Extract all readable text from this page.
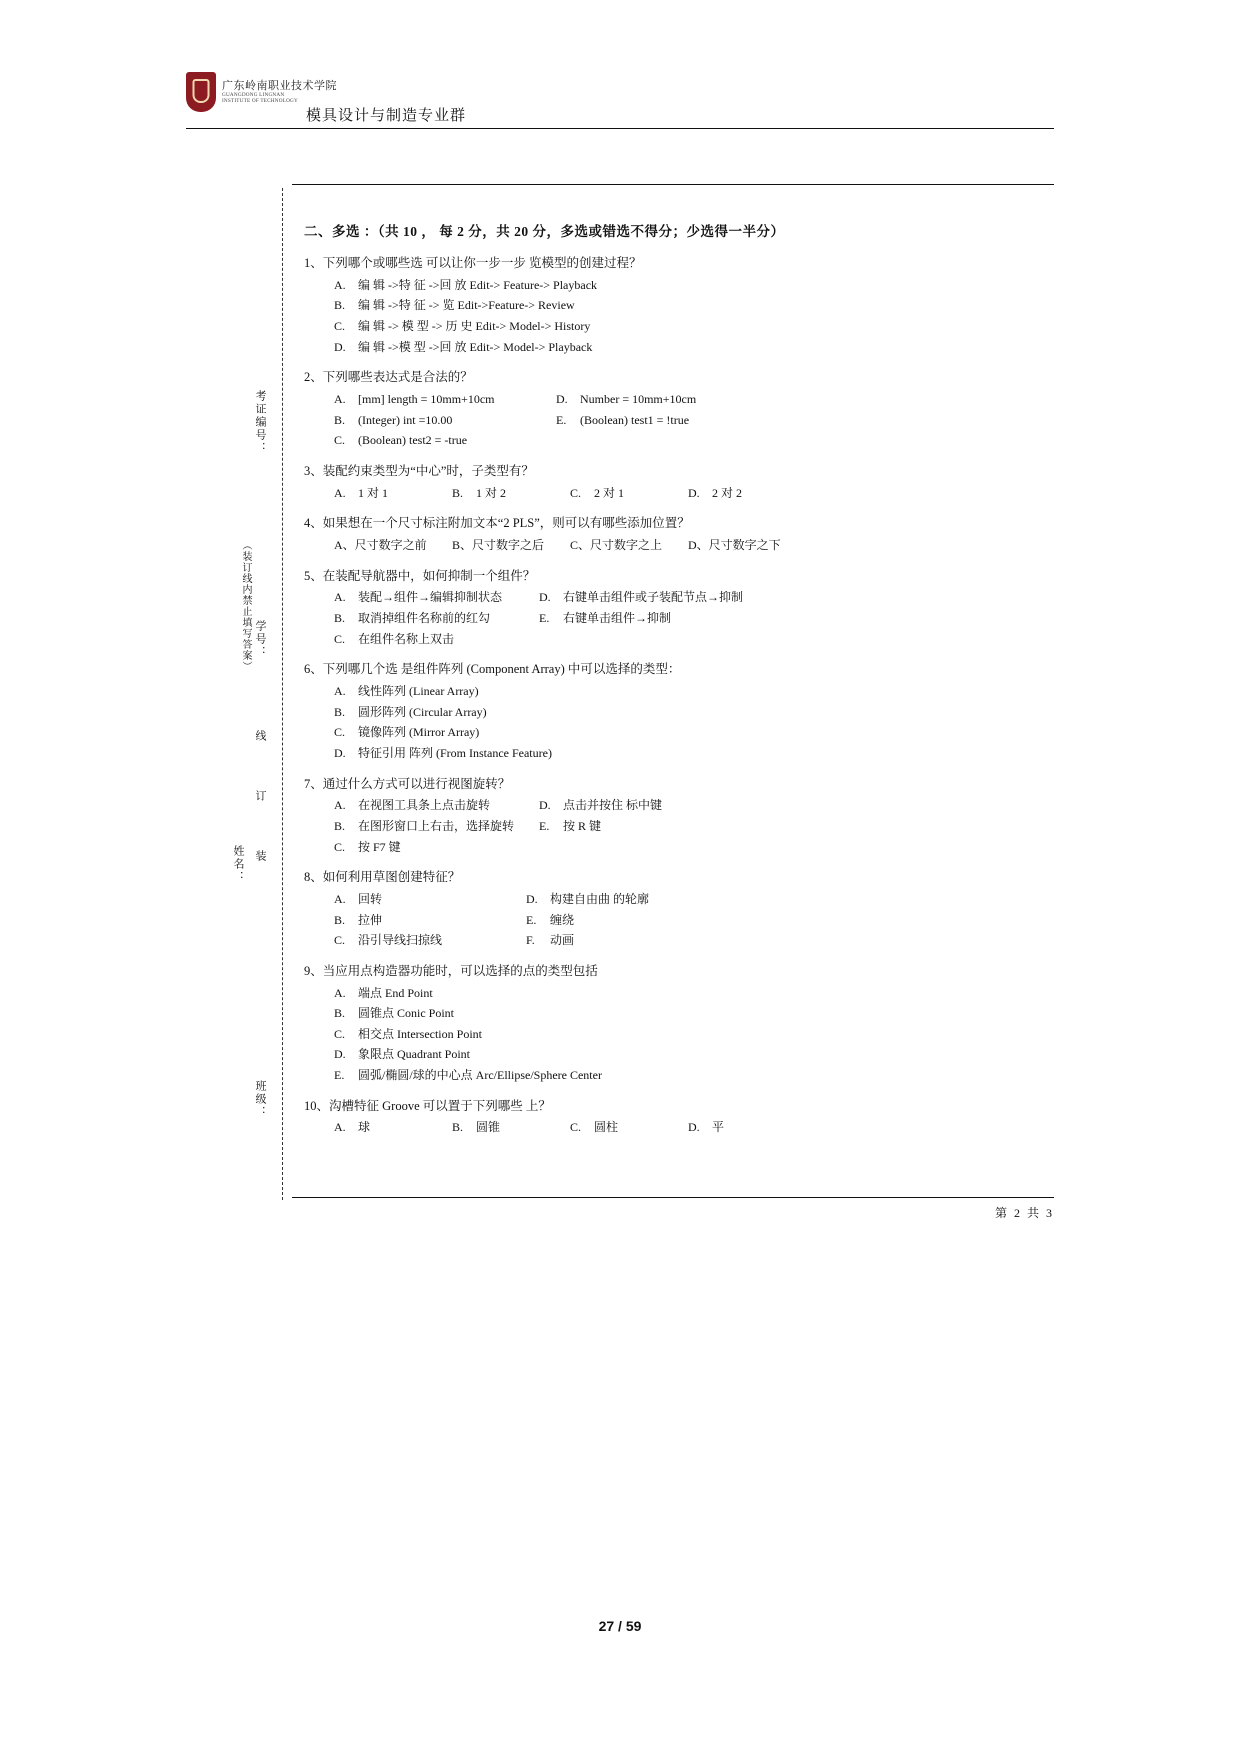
广东岭南职业技术学院
GUANGDONG LINGNAN
INSTITUTE OF TECHNOLOGY
模具设计与制造专业群
考证编号：
学号：
（装订线内禁止填写答案）
线
订
装
姓名：
班级：
二、多选 ：（共 10 ， 每 2 分，共 20 分，多选或错选不得分；少选得一半分）
1、下列哪个或哪些选 可以让你一步一步 览模型的创建过程？
A.	编 辑 ->特 征 ->回 放 Edit-> Feature-> Playback
B.	编 辑 ->特 征 -> 览 Edit->Feature-> Review
C.	编 辑 -> 模 型 -> 历 史 Edit-> Model-> History
D.	编 辑 ->模 型 ->回 放 Edit-> Model-> Playback
2、下列哪些表达式是合法的？
A.	[mm] length = 10mm+10cm	D.	Number = 10mm+10cm
B.	(Integer) int =10.00	E.	(Boolean) test1 = !true
C.	(Boolean) test2 = -true
3、装配约束类型为“中心”时，子类型有？
A.	1 对 1	B.	1 对 2	C.	2 对 1	D.	2 对 2
4、如果想在一个尺寸标注附加文本“2 PLS”，则可以有哪些添加位置？
A、尺寸数字之前 B、尺寸数字之后 C、尺寸数字之上 D、尺寸数字之下
5、在装配导航器中，如何抑制一个组件？
A.	装配→组件→编辑抑制状态	D.	右键单击组件或子装配节点→抑制
B.	取消掉组件名称前的红勾	E.	右键单击组件→抑制
C.	在组件名称上双击
6、下列哪几个选 是组件阵列 (Component Array) 中可以选择的类型：
A.	线性阵列 (Linear Array)
B.	圆形阵列 (Circular Array)
C.	镜像阵列 (Mirror Array)
D.	特征引用 阵列 (From Instance Feature)
7、通过什么方式可以进行视图旋转？
A.	在视图工具条上点击旋转	D.	点击并按住 标中键
B.	在图形窗口上右击，选择旋转 E.	按 R 键
C.	按 F7 键
8、如何利用草图创建特征？
A.	回转	D.	构建自由曲 的轮廓
B.	拉伸	E.	缠绕
C.	沿引导线扫掠线	F.	动画
9、当应用点构造器功能时，可以选择的点的类型包括
A.	端点 End Point
B.	圆锥点 Conic Point
C.	相交点 Intersection Point
D.	象限点 Quadrant Point
E.	圆弧/椭圆/球的中心点 Arc/Ellipse/Sphere Center
10、沟槽特征 Groove 可以置于下列哪些 上？
A.	球	B.	圆锥	C.	圆柱	D.	平
第 2 共 3
27 / 59
